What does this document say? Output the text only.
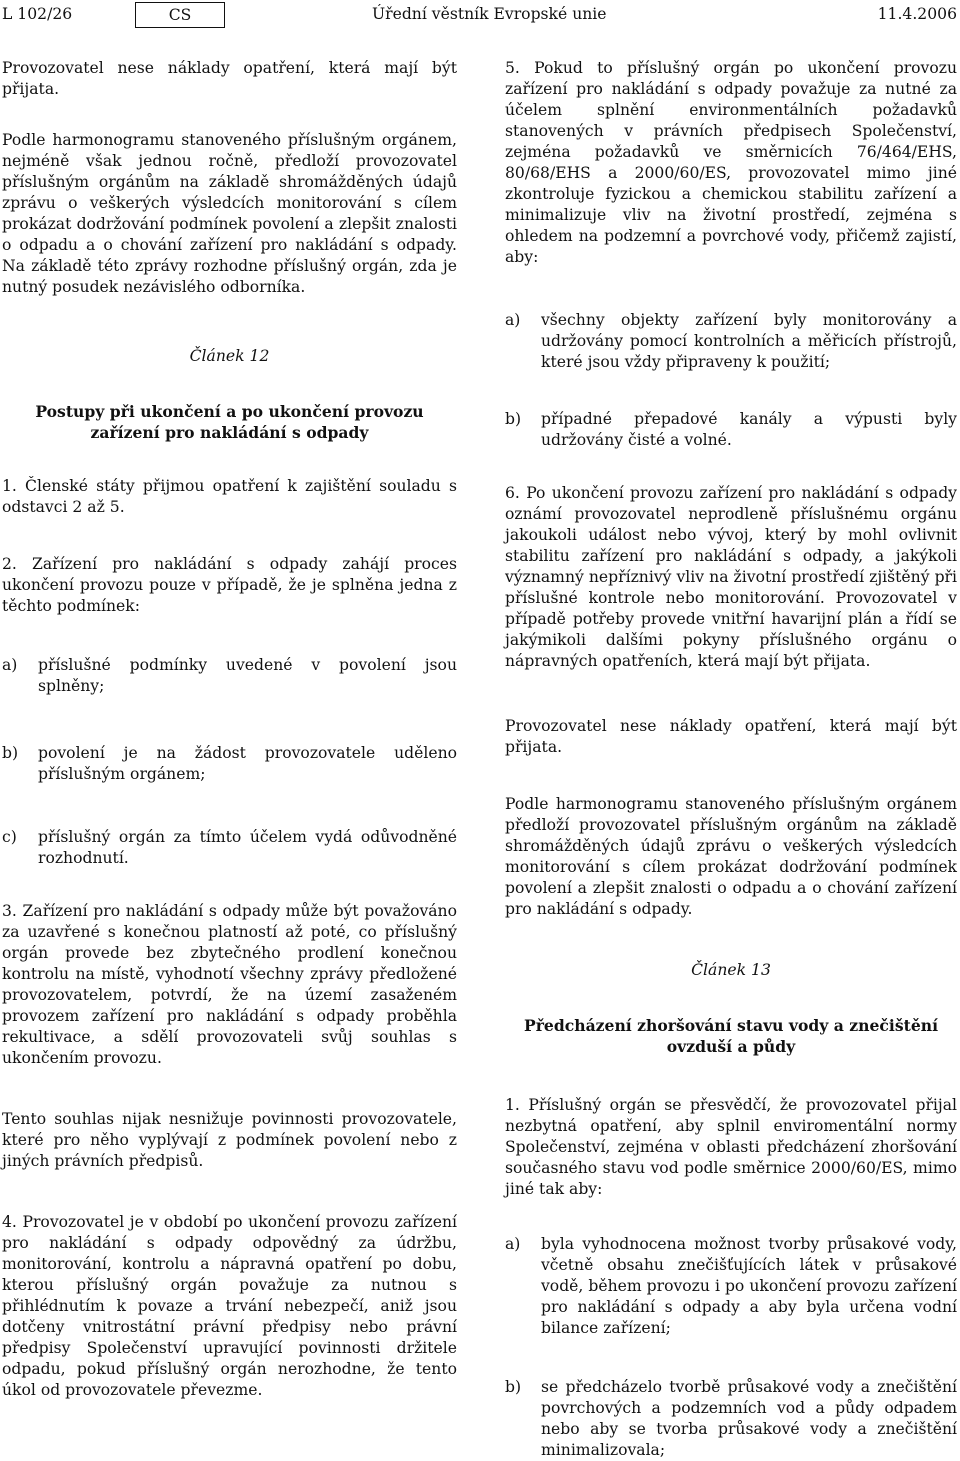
L 102/26	CS	Úřední věstník Evropské unie	11.4.2006

Provozovatel nese náklady opatření, která mají být přijata.

Podle harmonogramu stanoveného příslušným orgánem, nejméně však jednou ročně, předloží provozovatel příslušným orgánům na základě shromážděných údajů zprávu o veškerých výsledcích monitorování s cílem prokázat dodržování podmínek povolení a zlepšit znalosti o odpadu a o chování zařízení pro nakládání s odpady. Na základě této zprávy rozhodne příslušný orgán, zda je nutný posudek nezávislého odborníka.

Článek 12

Postupy při ukončení a po ukončení provozu zařízení pro nakládání s odpady

1. Členské státy přijmou opatření k zajištění souladu s odstavci 2 až 5.

2. Zařízení pro nakládání s odpady zahájí proces ukončení provozu pouze v případě, že je splněna jedna z těchto podmínek:

a)	příslušné podmínky uvedené v povolení jsou splněny;
b)	povolení je na žádost provozovatele uděleno příslušným orgánem;
c)	příslušný orgán za tímto účelem vydá odůvodněné rozhodnutí.

3. Zařízení pro nakládání s odpady může být považováno za uzavřené s konečnou platností až poté, co příslušný orgán provede bez zbytečného prodlení konečnou kontrolu na místě, vyhodnotí všechny zprávy předložené provozovatelem, potvrdí, že na území zasaženém provozem zařízení pro nakládání s odpady proběhla rekultivace, a sdělí provozovateli svůj souhlas s ukončením provozu.

Tento souhlas nijak nesnižuje povinnosti provozovatele, které pro něho vyplývají z podmínek povolení nebo z jiných právních předpisů.

4. Provozovatel je v období po ukončení provozu zařízení pro nakládání s odpady odpovědný za údržbu, monitorování, kontrolu a nápravná opatření po dobu, kterou příslušný orgán považuje za nutnou s přihlédnutím k povaze a trvání nebezpečí, aniž jsou dotčeny vnitrostátní právní předpisy nebo právní předpisy Společenství upravující povinnosti držitele odpadu, pokud příslušný orgán nerozhodne, že tento úkol od provozovatele převezme.

5. Pokud to příslušný orgán po ukončení provozu zařízení pro nakládání s odpady považuje za nutné za účelem splnění environmentálních požadavků stanovených v právních předpisech Společenství, zejména požadavků ve směrnicích 76/464/EHS, 80/68/EHS a 2000/60/ES, provozovatel mimo jiné zkontroluje fyzickou a chemickou stabilitu zařízení a minimalizuje vliv na životní prostředí, zejména s ohledem na podzemní a povrchové vody, přičemž zajistí, aby:

a)	všechny objekty zařízení byly monitorovány a udržovány pomocí kontrolních a měřicích přístrojů, které jsou vždy připraveny k použití;
b)	případné přepadové kanály a výpusti byly udržovány čisté a volné.

6. Po ukončení provozu zařízení pro nakládání s odpady oznámí provozovatel neprodleně příslušnému orgánu jakoukoli událost nebo vývoj, který by mohl ovlivnit stabilitu zařízení pro nakládání s odpady, a jakýkoli významný nepříznivý vliv na životní prostředí zjištěný při příslušné kontrole nebo monitorování. Provozovatel v případě potřeby provede vnitřní havarijní plán a řídí se jakýmikoli dalšími pokyny příslušného orgánu o nápravných opatřeních, která mají být přijata.

Provozovatel nese náklady opatření, která mají být přijata.

Podle harmonogramu stanoveného příslušným orgánem předloží provozovatel příslušným orgánům na základě shromážděných údajů zprávu o veškerých výsledcích monitorování s cílem prokázat dodržování podmínek povolení a zlepšit znalosti o odpadu a o chování zařízení pro nakládání s odpady.

Článek 13

Předcházení zhoršování stavu vody a znečištění ovzduší a půdy

1. Příslušný orgán se přesvědčí, že provozovatel přijal nezbytná opatření, aby splnil enviromentální normy Společenství, zejména v oblasti předcházení zhoršování současného stavu vod podle směrnice 2000/60/ES, mimo jiné tak aby:

a)	byla vyhodnocena možnost tvorby průsakové vody, včetně obsahu znečišťujících látek v průsakové vodě, během provozu i po ukončení provozu zařízení pro nakládání s odpady a aby byla určena vodní bilance zařízení;
b)	se předcházelo tvorbě průsakové vody a znečištění povrchových a podzemních vod a půdy odpadem nebo aby se tvorba průsakové vody a znečištění minimalizovala;
